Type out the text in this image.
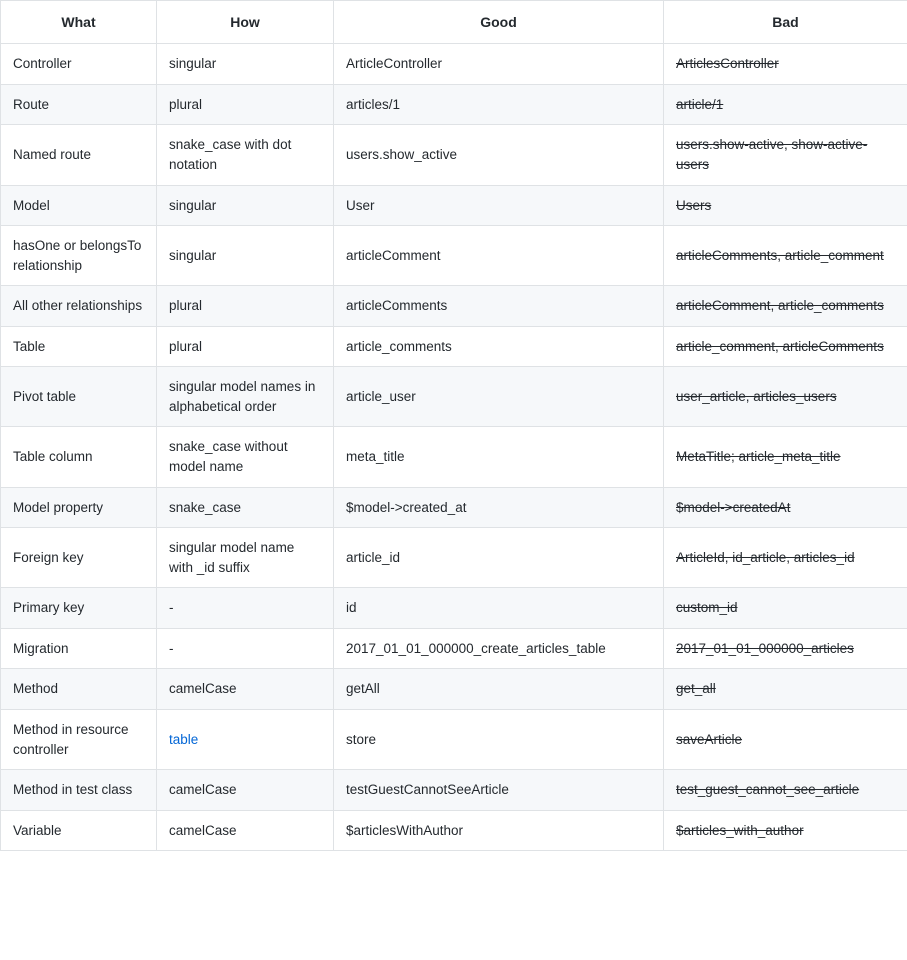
What	How	Good	Bad
Controller	singular	ArticleController	ArticlesController
Route	plural	articles/1	article/1
Named route	snake_case with dot notation	users.show_active	users.show-active, show-active-users
Model	singular	User	Users
hasOne or belongsTo relationship	singular	articleComment	articleComments, article_comment
All other relationships	plural	articleComments	articleComment, article_comments
Table	plural	article_comments	article_comment, articleComments
Pivot table	singular model names in alphabetical order	article_user	user_article, articles_users
Table column	snake_case without model name	meta_title	MetaTitle; article_meta_title
Model property	snake_case	$model->created_at	$model->createdAt
Foreign key	singular model name with _id suffix	article_id	ArticleId, id_article, articles_id
Primary key	-	id	custom_id
Migration	-	2017_01_01_000000_create_articles_table	2017_01_01_000000_articles
Method	camelCase	getAll	get_all
Method in resource controller	table	store	saveArticle
Method in test class	camelCase	testGuestCannotSeeArticle	test_guest_cannot_see_article
Variable	camelCase	$articlesWithAuthor	$articles_with_author
